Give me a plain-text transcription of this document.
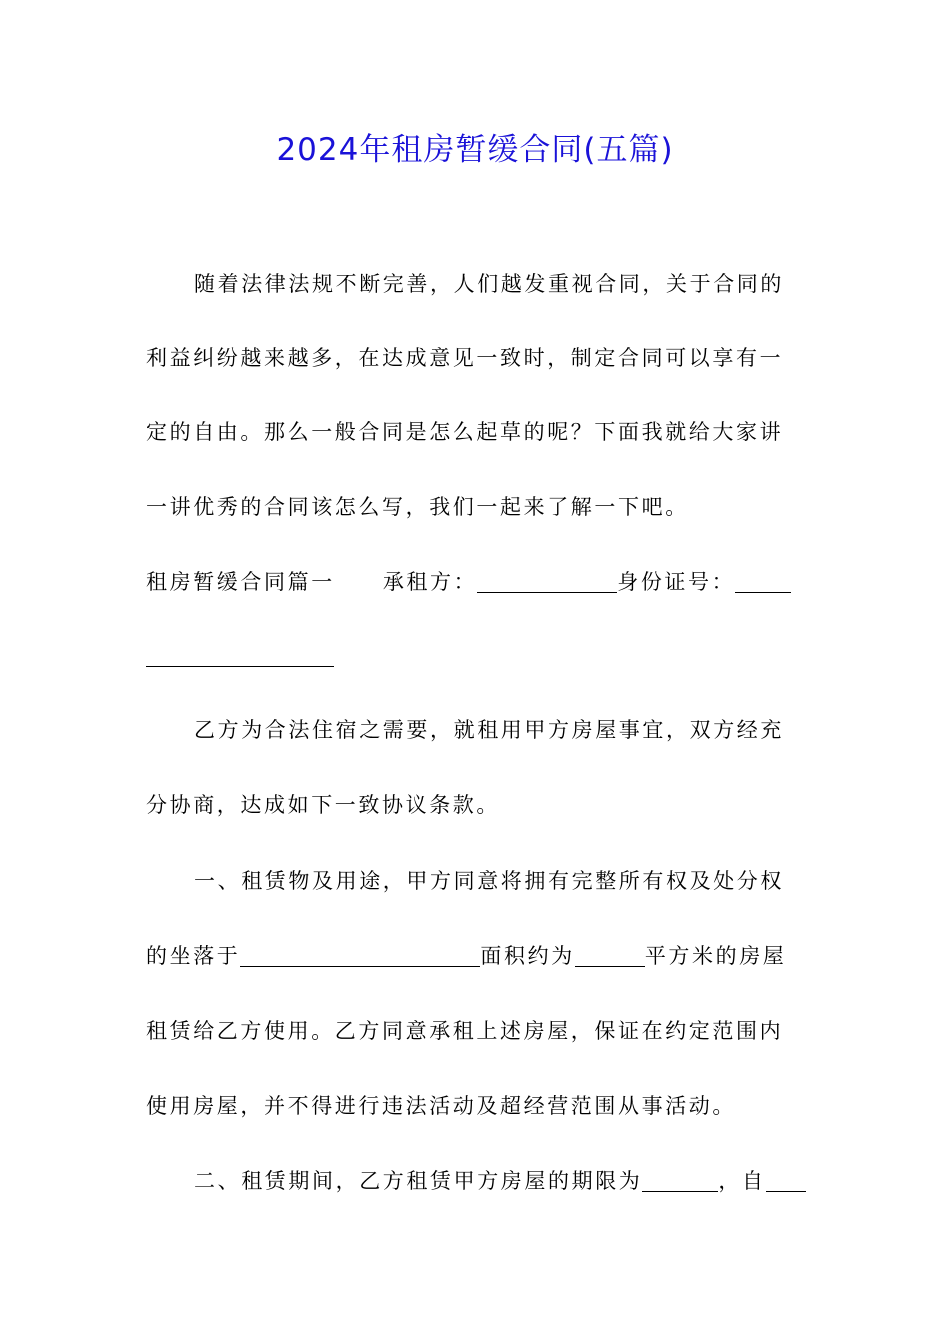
2024年租房暂缓合同(五篇)
随着法律法规不断完善，人们越发重视合同，关于合同的
利益纠纷越来越多，在达成意见一致时，制定合同可以享有一
定的自由。那么一般合同是怎么起草的呢？下面我就给大家讲
一讲优秀的合同该怎么写，我们一起来了解一下吧。
租房暂缓合同篇一 承租方：	身份证号：
乙方为合法住宿之需要，就租用甲方房屋事宜，双方经充
分协商，达成如下一致协议条款。
一、租赁物及用途，甲方同意将拥有完整所有权及处分权
的坐落于	面积约为	平方米的房屋
租赁给乙方使用。乙方同意承租上述房屋，保证在约定范围内
使用房屋，并不得进行违法活动及超经营范围从事活动。
二、租赁期间，乙方租赁甲方房屋的期限为	，自
